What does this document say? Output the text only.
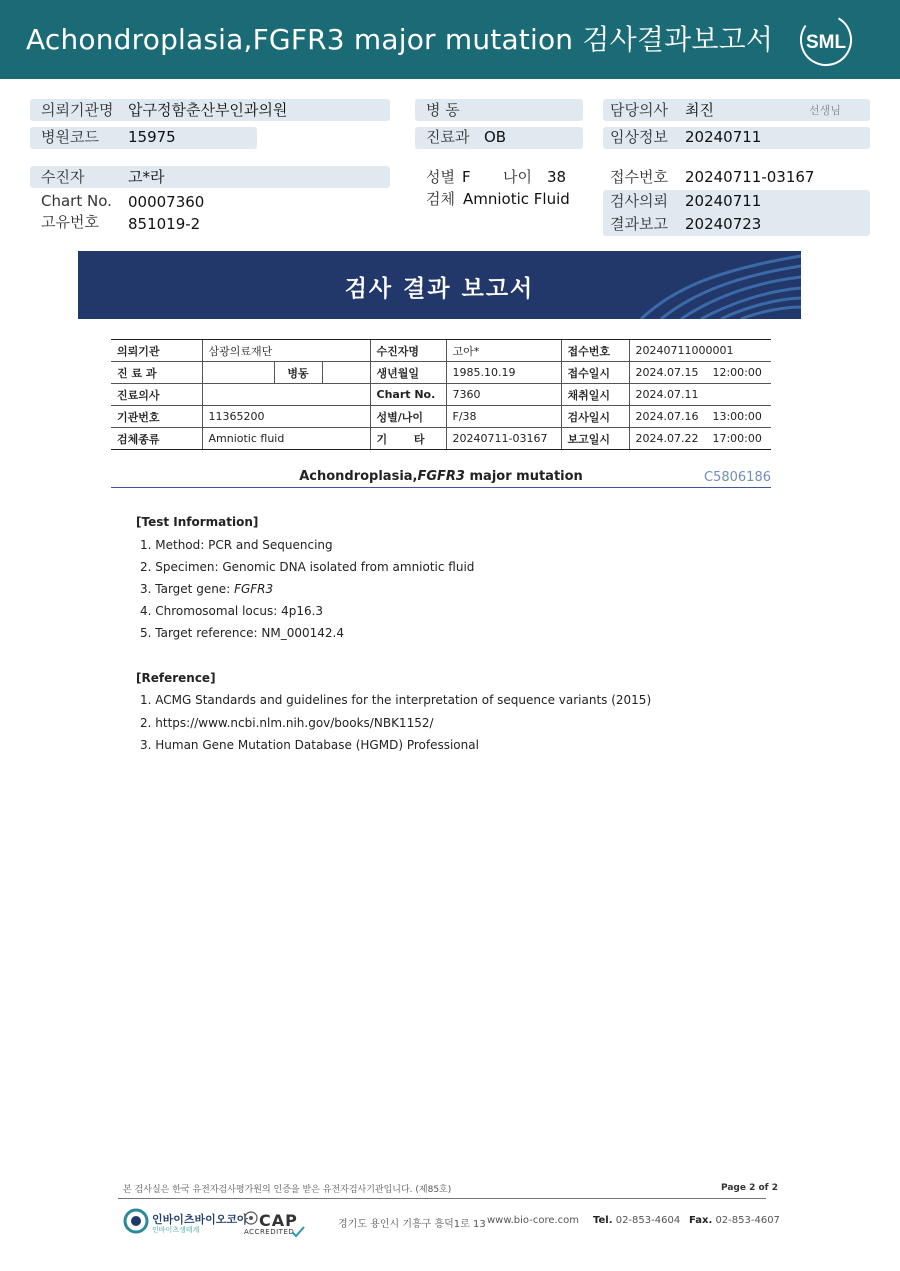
Achondroplasia,FGFR3 major mutation 검사결과보고서 SML
의뢰기관명 압구정함춘산부인과의원
병원코드 15975
병 동
진료과 OB
담당의사 최진	선생님
임상정보 20240711
수진자	고*라
Chart No. 00007360
고유번호 851019-2
성별 F 나이 38
검체 Amniotic Fluid
접수번호 20240711-03167
검사의뢰 20240711
결과보고 20240723
검사 결과 보고서
의뢰기관	삼광의료재단			수진자명	고아*	접수번호	20240711000001
진 료 과		병동		생년월일	1985.10.19	접수일시	2024.07.15    12:00:00
진료의사				Chart No.	7360	채취일시	2024.07.11
기관번호	11365200			성별/나이	F/38	검사일시	2024.07.16    13:00:00
검체종류	Amniotic fluid			기       타	20240711-03167	보고일시	2024.07.22    17:00:00
Achondroplasia,FGFR3 major mutation	C5806186
[Test Information]
1. Method: PCR and Sequencing
2. Specimen: Genomic DNA isolated from amniotic fluid
3. Target gene: FGFR3
4. Chromosomal locus: 4p16.3
5. Target reference: NM_000142.4
[Reference]
1. ACMG Standards and guidelines for the interpretation of sequence variants (2015)
2. https://www.ncbi.nlm.nih.gov/books/NBK1152/
3. Human Gene Mutation Database (HGMD) Professional
본 검사실은 한국 유전자검사평가원의 인증을 받은 유전자검사기관입니다. (제85호)	Page 2 of 2
인바이츠바이오코아
인바이츠생태계	CAP
ACCREDITED
경기도 용인시 기흥구 흥덕1로 13 www.bio-core.com Tel. 02-853-4604 Fax. 02-853-4607
